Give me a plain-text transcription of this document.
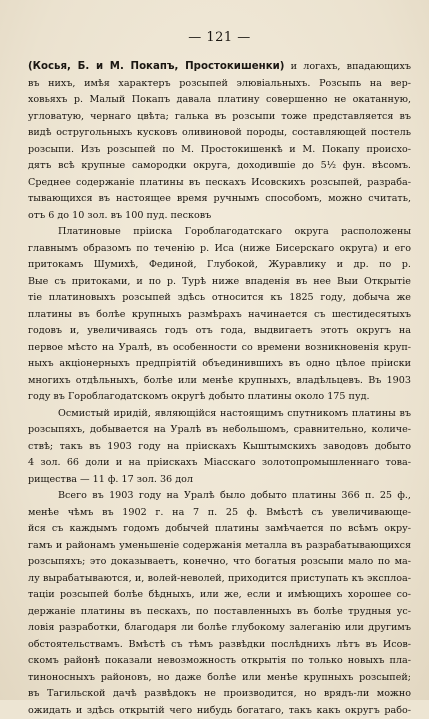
— 121 —
(Косья, Б. и М. Покапъ, Простокишенки) и логахъ, впадающихъ
въ нихъ, имѣя характеръ розсыпей элювіальныхъ. Розсыпь на вер-
ховьяхъ р. Малый Покапъ давала платину совершенно не окатанную,
угловатую, чернаго цвѣта; галька въ розсыпи тоже представляется въ
видѣ остругольныхъ кусковъ оливиновой породы, составляющей постель
розсыпи. Изъ розсыпей по М. Простокишенкѣ и М. Покапу происхо-
дятъ всѣ крупные самородки округа, доходившіе до 5½ фун. вѣсомъ.
Среднее содержаніе платины въ пескахъ Исовскихъ розсыпей, разраба-
тывающихся въ настоящее время ручнымъ способомъ, можно считать,
отъ 6 до 10 зол. въ 100 пуд. песковъ
Платиновые пріиска Гороблагодатскаго округа расположены
главнымъ образомъ по теченію р. Иса (ниже Бисерскаго округа) и его
притокамъ Шумихѣ, Фединой, Глубокой, Журавлику и др. по р.
Вые съ притоками, и по р. Турѣ ниже впаденія въ нее Выи Открытіе
тіе платиновыхъ розсыпей здѣсь относится къ 1825 году, добыча же
платины въ болѣе крупныхъ размѣрахъ начинается съ шестидесятыхъ
годовъ и, увеличиваясь годъ отъ года, выдвигаетъ этотъ округъ на
первое мѣсто на Уралѣ, въ особенности со времени возникновенія круп-
ныхъ акціонерныхъ предпріятій объединившихъ въ одно цѣлое пріиски
многихъ отдѣльныхъ, болѣе или менѣе крупныхъ, владѣльцевъ. Въ 1903
году въ Гороблагодатскомъ округѣ добыто платины около 175 пуд.
Осмистый иридій, являющійся настоящимъ спутникомъ платины въ
розсыпяхъ, добывается на Уралѣ въ небольшомъ, сравнительно, количе-
ствѣ; такъ въ 1903 году на пріискахъ Кыштымскихъ заводовъ добыто
4 зол. 66 доли и на пріискахъ Міасскаго золотопромышленнаго това-
рищества — 11 ф. 17 зол. 36 дол
Всего въ 1903 году на Уралѣ было добыто платины 366 п. 25 ф.,
менѣе чѣмъ въ 1902 г. на 7 п. 25 ф. Вмѣстѣ съ увеличивающе-
йся съ каждымъ годомъ добычей платины замѣчается по всѣмъ окру-
гамъ и районамъ уменьшеніе содержанія металла въ разрабатывающихся
розсыпяхъ; это доказываетъ, конечно, что богатыя розсыпи мало по ма-
лу вырабатываются, и, волей-неволей, приходится приступать къ эксплоа-
таціи розсыпей болѣе бѣдныхъ, или же, если и имѣющихъ хорошее со-
держаніе платины въ пескахъ, по поставленныхъ въ болѣе трудныя ус-
ловія разработки, благодаря ли болѣе глубокому залеганію или другимъ
обстоятельствамъ. Вмѣстѣ съ тѣмъ развѣдки послѣднихъ лѣтъ въ Исов-
скомъ районѣ показали невозможность открытія по только новыхъ пла-
тиноносныхъ районовъ, но даже болѣе или менѣе крупныхъ розсыпей;
въ Тагильской дачѣ развѣдокъ не производится, но врядъ-ли можно
ожидать и здѣсь открытій чего нибудь богатаго, такъ какъ округъ рабо-
